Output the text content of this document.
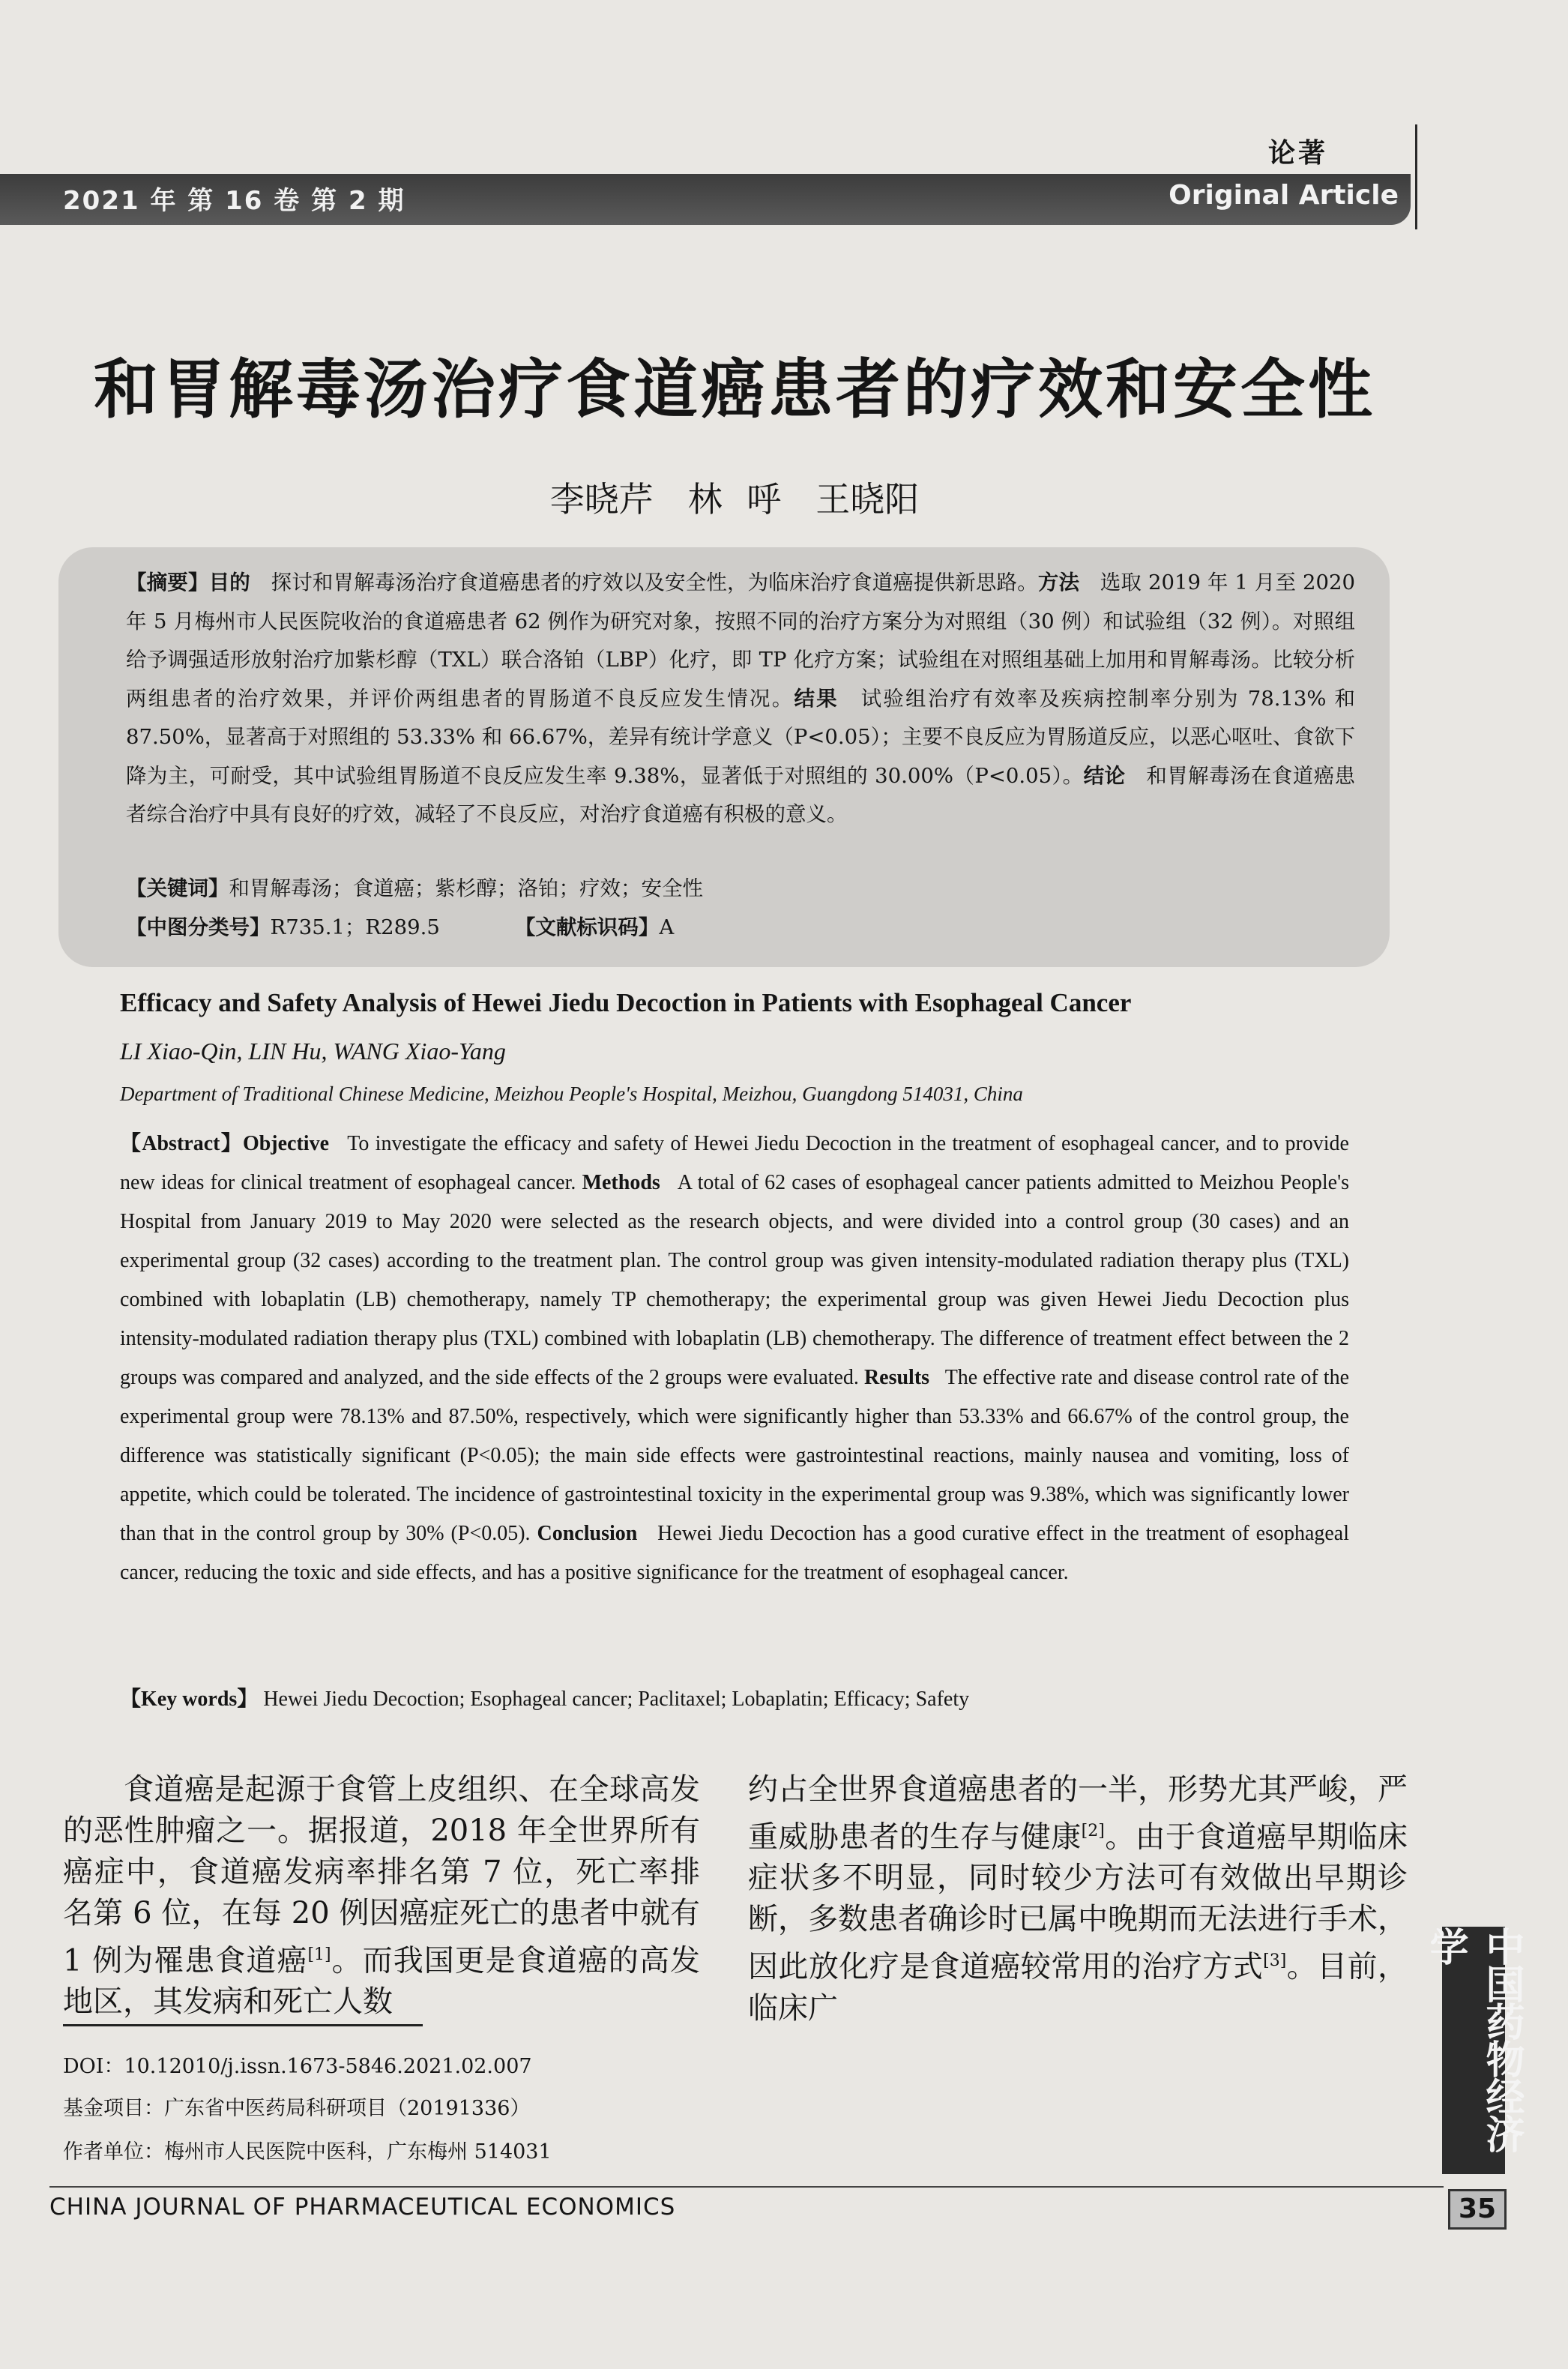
论著
2021 年 第 16 卷 第 2 期	Original Article
和胃解毒汤治疗食道癌患者的疗效和安全性
李晓芹　林 呼　王晓阳
【摘要】目的　 探讨和胃解毒汤治疗食道癌患者的疗效以及安全性，为临床治疗食道癌提供新思路。方法　 选取 2019 年 1 月至 2020 年 5 月梅州市人民医院收治的食道癌患者 62 例作为研究对象，按照不同的治疗方案分为对照组（30 例）和试验组（32 例）。对照组给予调强适形放射治疗加紫杉醇（TXL）联合洛铂（LBP）化疗，即 TP 化疗方案；试验组在对照组基础上加用和胃解毒汤。比较分析两组患者的治疗效果，并评价两组患者的胃肠道不良反应发生情况。结果　 试验组治疗有效率及疾病控制率分别为 78.13% 和 87.50%，显著高于对照组的 53.33% 和 66.67%，差异有统计学意义（P<0.05）；主要不良反应为胃肠道反应，以恶心呕吐、食欲下降为主，可耐受，其中试验组胃肠道不良反应发生率 9.38%，显著低于对照组的 30.00%（P<0.05）。结论　 和胃解毒汤在食道癌患者综合治疗中具有良好的疗效，减轻了不良反应，对治疗食道癌有积极的意义。
【关键词】和胃解毒汤；食道癌；紫杉醇；洛铂；疗效；安全性
【中图分类号】R735.1；R289.5	【文献标识码】A
Efficacy and Safety Analysis of Hewei Jiedu Decoction in Patients with Esophageal Cancer
LI Xiao-Qin, LIN Hu, WANG Xiao-Yang
Department of Traditional Chinese Medicine, Meizhou People's Hospital, Meizhou, Guangdong 514031, China
【Abstract】Objective To investigate the efficacy and safety of Hewei Jiedu Decoction in the treatment of esophageal cancer, and to provide new ideas for clinical treatment of esophageal cancer. Methods A total of 62 cases of esophageal cancer patients admitted to Meizhou People's Hospital from January 2019 to May 2020 were selected as the research objects, and were divided into a control group (30 cases) and an experimental group (32 cases) according to the treatment plan. The control group was given intensity-modulated radiation therapy plus (TXL) combined with lobaplatin (LB) chemotherapy, namely TP chemotherapy; the experimental group was given Hewei Jiedu Decoction plus intensity-modulated radiation therapy plus (TXL) combined with lobaplatin (LB) chemotherapy. The difference of treatment effect between the 2 groups was compared and analyzed, and the side effects of the 2 groups were evaluated. Results The effective rate and disease control rate of the experimental group were 78.13% and 87.50%, respectively, which were significantly higher than 53.33% and 66.67% of the control group, the difference was statistically significant (P<0.05); the main side effects were gastrointestinal reactions, mainly nausea and vomiting, loss of appetite, which could be tolerated. The incidence of gastrointestinal toxicity in the experimental group was 9.38%, which was significantly lower than that in the control group by 30% (P<0.05). Conclusion Hewei Jiedu Decoction has a good curative effect in the treatment of esophageal cancer, reducing the toxic and side effects, and has a positive significance for the treatment of esophageal cancer.
【Key words】 Hewei Jiedu Decoction; Esophageal cancer; Paclitaxel; Lobaplatin; Efficacy; Safety
　　食道癌是起源于食管上皮组织、在全球高发的恶性肿瘤之一。据报道，2018 年全世界所有癌症中，食道癌发病率排名第 7 位，死亡率排名第 6 位，在每 20 例因癌症死亡的患者中就有 1 例为罹患食道癌[1]。而我国更是食道癌的高发地区，其发病和死亡人数
约占全世界食道癌患者的一半，形势尤其严峻，严重威胁患者的生存与健康[2]。由于食道癌早期临床症状多不明显，同时较少方法可有效做出早期诊断，多数患者确诊时已属中晚期而无法进行手术，因此放化疗是食道癌较常用的治疗方式[3]。目前，临床广
DOI：10.12010/j.issn.1673-5846.2021.02.007
基金项目：广东省中医药局科研项目（20191336）
作者单位：梅州市人民医院中医科，广东梅州 514031
中国药物经济学
CHINA JOURNAL OF PHARMACEUTICAL ECONOMICS	35
